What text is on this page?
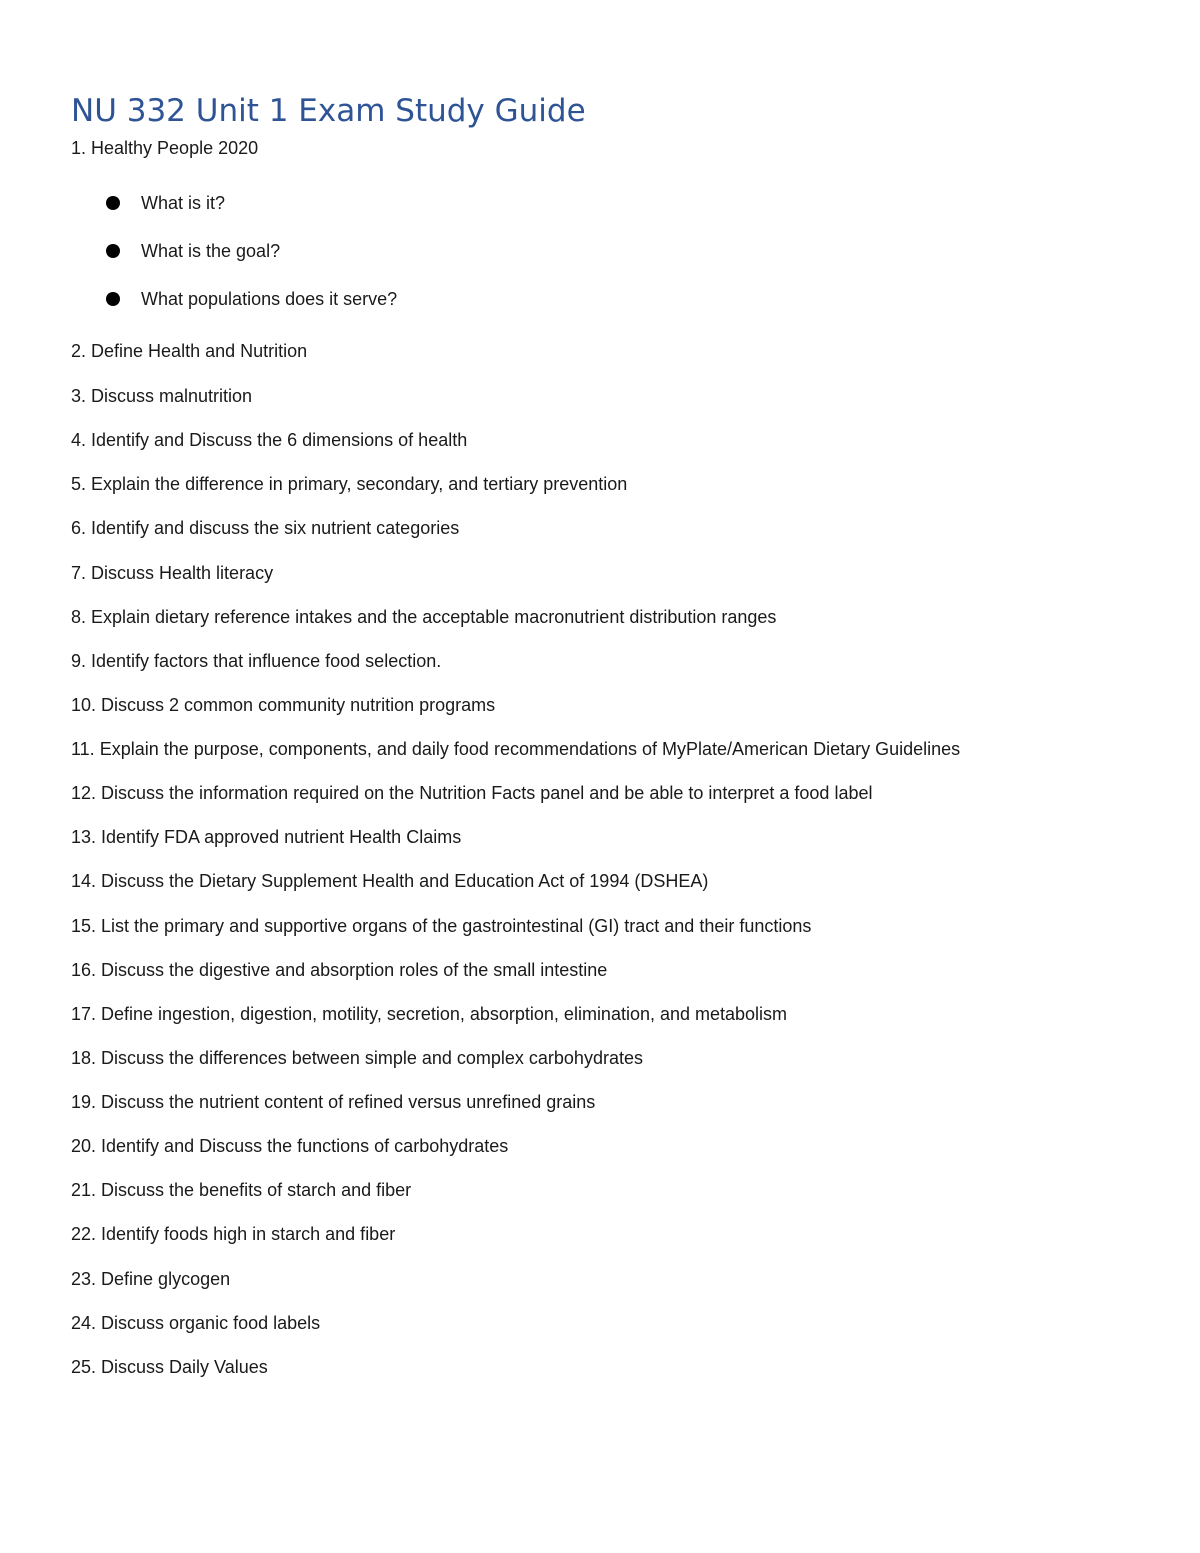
NU 332 Unit 1 Exam Study Guide

1. Healthy People 2020

What is it?
What is the goal?
What populations does it serve?

2. Define Health and Nutrition

3. Discuss malnutrition

4. Identify and Discuss the 6 dimensions of health

5. Explain the difference in primary, secondary, and tertiary prevention

6. Identify and discuss the six nutrient categories

7. Discuss Health literacy

8. Explain dietary reference intakes and the acceptable macronutrient distribution ranges

9. Identify factors that influence food selection.

10. Discuss 2 common community nutrition programs

11. Explain the purpose, components, and daily food recommendations of MyPlate/American Dietary Guidelines

12. Discuss the information required on the Nutrition Facts panel and be able to interpret a food label

13. Identify FDA approved nutrient Health Claims

14. Discuss the Dietary Supplement Health and Education Act of 1994 (DSHEA)

15. List the primary and supportive organs of the gastrointestinal (GI) tract and their functions

16. Discuss the digestive and absorption roles of the small intestine

17. Define ingestion, digestion, motility, secretion, absorption, elimination, and metabolism

18. Discuss the differences between simple and complex carbohydrates

19. Discuss the nutrient content of refined versus unrefined grains

20. Identify and Discuss the functions of carbohydrates

21. Discuss the benefits of starch and fiber

22. Identify foods high in starch and fiber

23. Define glycogen

24. Discuss organic food labels

25. Discuss Daily Values
